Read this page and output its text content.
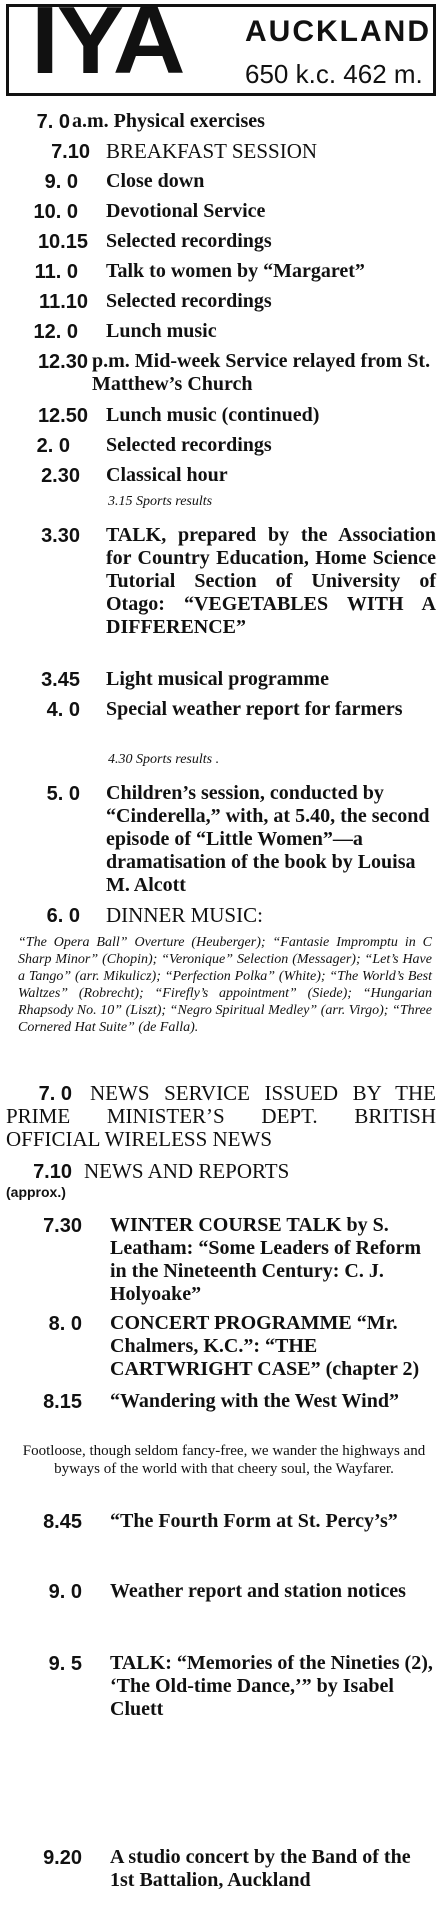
IYA AUCKLAND
650 k.c. 462 m.
7. 0 a.m. Physical exercises
7.10 BREAKFAST SESSION
9. 0 Close down
10. 0 Devotional Service
10.15 Selected recordings
11. 0 Talk to women by “Margaret”
11.10 Selected recordings
12. 0 Lunch music
12.30 p.m. Mid-week Service relayed from St. Matthew’s Church
12.50 Lunch music (continued)
2. 0 Selected recordings
2.30 Classical hour
3.15 Sports results
3.30 TALK, prepared by the Association for Country Education, Home Science Tutorial Section of University of Otago: “VEGETABLES WITH A DIFFERENCE”
3.45 Light musical programme
4. 0 Special weather report for farmers
4.30 Sports results .
5. 0 Children’s session, conducted by “Cinderella,” with, at 5.40, the second episode of “Little Women”—a dramatisation of the book by Louisa M. Alcott
6. 0 DINNER MUSIC:
“The Opera Ball” Overture (Heuberger); “Fantasie Impromptu in C Sharp Minor” (Chopin); “Veronique” Selection (Messager); “Let’s Have a Tango” (arr. Mikulicz); “Perfection Polka” (White); “The World’s Best Waltzes” (Robrecht); “Firefly’s appointment” (Siede); “Hungarian Rhapsody No. 10” (Liszt); “Negro Spiritual Medley” (arr. Virgo); “Three Cornered Hat Suite” (de Falla).
7. 0 NEWS SERVICE ISSUED BY THE PRIME MINISTER’S DEPT. BRITISH OFFICIAL WIRELESS NEWS
7.10
(approx.)
NEWS AND REPORTS
7.30 WINTER COURSE TALK by S. Leatham: “Some Leaders of Reform in the Nineteenth Century: C. J. Holyoake”
8. 0 CONCERT PROGRAMME “Mr. Chalmers, K.C.”: “THE CARTWRIGHT CASE” (chapter 2)
8.15 “Wandering with the West Wind”
Footloose, though seldom fancy-free, we wander the highways and byways of the world with that cheery soul, the Wayfarer.
8.45 “The Fourth Form at St. Percy’s”
9. 0 Weather report and station notices
9. 5 TALK: “Memories of the Nineties (2), ‘The Old-time Dance,’” by Isabel Cluett
9.20 A studio concert by the Band of the 1st Battalion, Auckland
